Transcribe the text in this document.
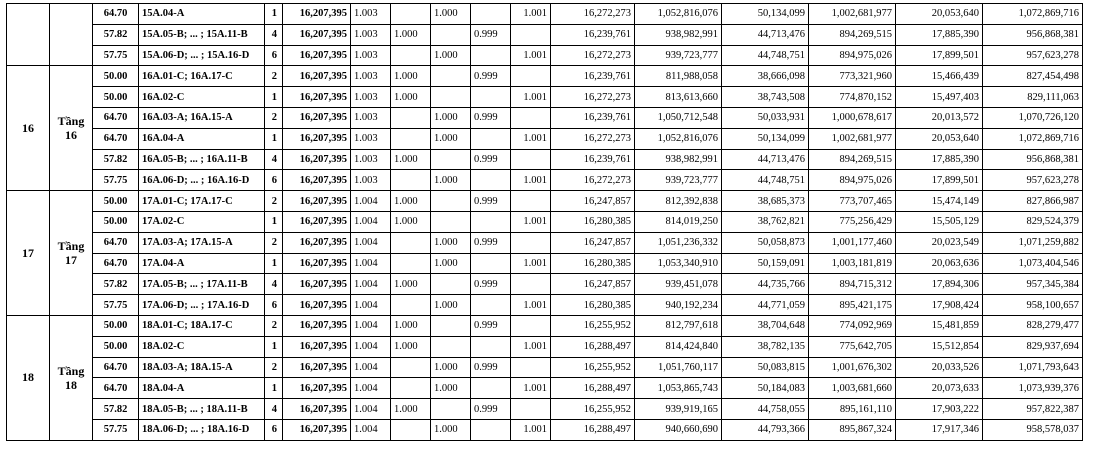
		64.70	15A.04-A	1	16,207,395	1.003		1.000		1.001	16,272,273	1,052,816,076	50,134,099	1,002,681,977	20,053,640	1,072,869,716
		57.82	15A.05-B; ... ; 15A.11-B	4	16,207,395	1.003	1.000		0.999		16,239,761	938,982,991	44,713,476	894,269,515	17,885,390	956,868,381
		57.75	15A.06-D; ... ; 15A.16-D	6	16,207,395	1.003		1.000		1.001	16,272,273	939,723,777	44,748,751	894,975,026	17,899,501	957,623,278
16	Tầng 16	50.00	16A.01-C; 16A.17-C	2	16,207,395	1.003	1.000		0.999		16,239,761	811,988,058	38,666,098	773,321,960	15,466,439	827,454,498
		50.00	16A.02-C	1	16,207,395	1.003	1.000			1.001	16,272,273	813,613,660	38,743,508	774,870,152	15,497,403	829,111,063
		64.70	16A.03-A; 16A.15-A	2	16,207,395	1.003		1.000	0.999		16,239,761	1,050,712,548	50,033,931	1,000,678,617	20,013,572	1,070,726,120
		64.70	16A.04-A	1	16,207,395	1.003		1.000		1.001	16,272,273	1,052,816,076	50,134,099	1,002,681,977	20,053,640	1,072,869,716
		57.82	16A.05-B; ... ; 16A.11-B	4	16,207,395	1.003	1.000		0.999		16,239,761	938,982,991	44,713,476	894,269,515	17,885,390	956,868,381
		57.75	16A.06-D; ... ; 16A.16-D	6	16,207,395	1.003		1.000		1.001	16,272,273	939,723,777	44,748,751	894,975,026	17,899,501	957,623,278
17	Tầng 17	50.00	17A.01-C; 17A.17-C	2	16,207,395	1.004	1.000		0.999		16,247,857	812,392,838	38,685,373	773,707,465	15,474,149	827,866,987
		50.00	17A.02-C	1	16,207,395	1.004	1.000			1.001	16,280,385	814,019,250	38,762,821	775,256,429	15,505,129	829,524,379
		64.70	17A.03-A; 17A.15-A	2	16,207,395	1.004		1.000	0.999		16,247,857	1,051,236,332	50,058,873	1,001,177,460	20,023,549	1,071,259,882
		64.70	17A.04-A	1	16,207,395	1.004		1.000		1.001	16,280,385	1,053,340,910	50,159,091	1,003,181,819	20,063,636	1,073,404,546
		57.82	17A.05-B; ... ; 17A.11-B	4	16,207,395	1.004	1.000		0.999		16,247,857	939,451,078	44,735,766	894,715,312	17,894,306	957,345,384
		57.75	17A.06-D; ... ; 17A.16-D	6	16,207,395	1.004		1.000		1.001	16,280,385	940,192,234	44,771,059	895,421,175	17,908,424	958,100,657
18	Tầng 18	50.00	18A.01-C; 18A.17-C	2	16,207,395	1.004	1.000		0.999		16,255,952	812,797,618	38,704,648	774,092,969	15,481,859	828,279,477
		50.00	18A.02-C	1	16,207,395	1.004	1.000			1.001	16,288,497	814,424,840	38,782,135	775,642,705	15,512,854	829,937,694
		64.70	18A.03-A; 18A.15-A	2	16,207,395	1.004		1.000	0.999		16,255,952	1,051,760,117	50,083,815	1,001,676,302	20,033,526	1,071,793,643
		64.70	18A.04-A	1	16,207,395	1.004		1.000		1.001	16,288,497	1,053,865,743	50,184,083	1,003,681,660	20,073,633	1,073,939,376
		57.82	18A.05-B; ... ; 18A.11-B	4	16,207,395	1.004	1.000		0.999		16,255,952	939,919,165	44,758,055	895,161,110	17,903,222	957,822,387
		57.75	18A.06-D; ... ; 18A.16-D	6	16,207,395	1.004		1.000		1.001	16,288,497	940,660,690	44,793,366	895,867,324	17,917,346	958,578,037
